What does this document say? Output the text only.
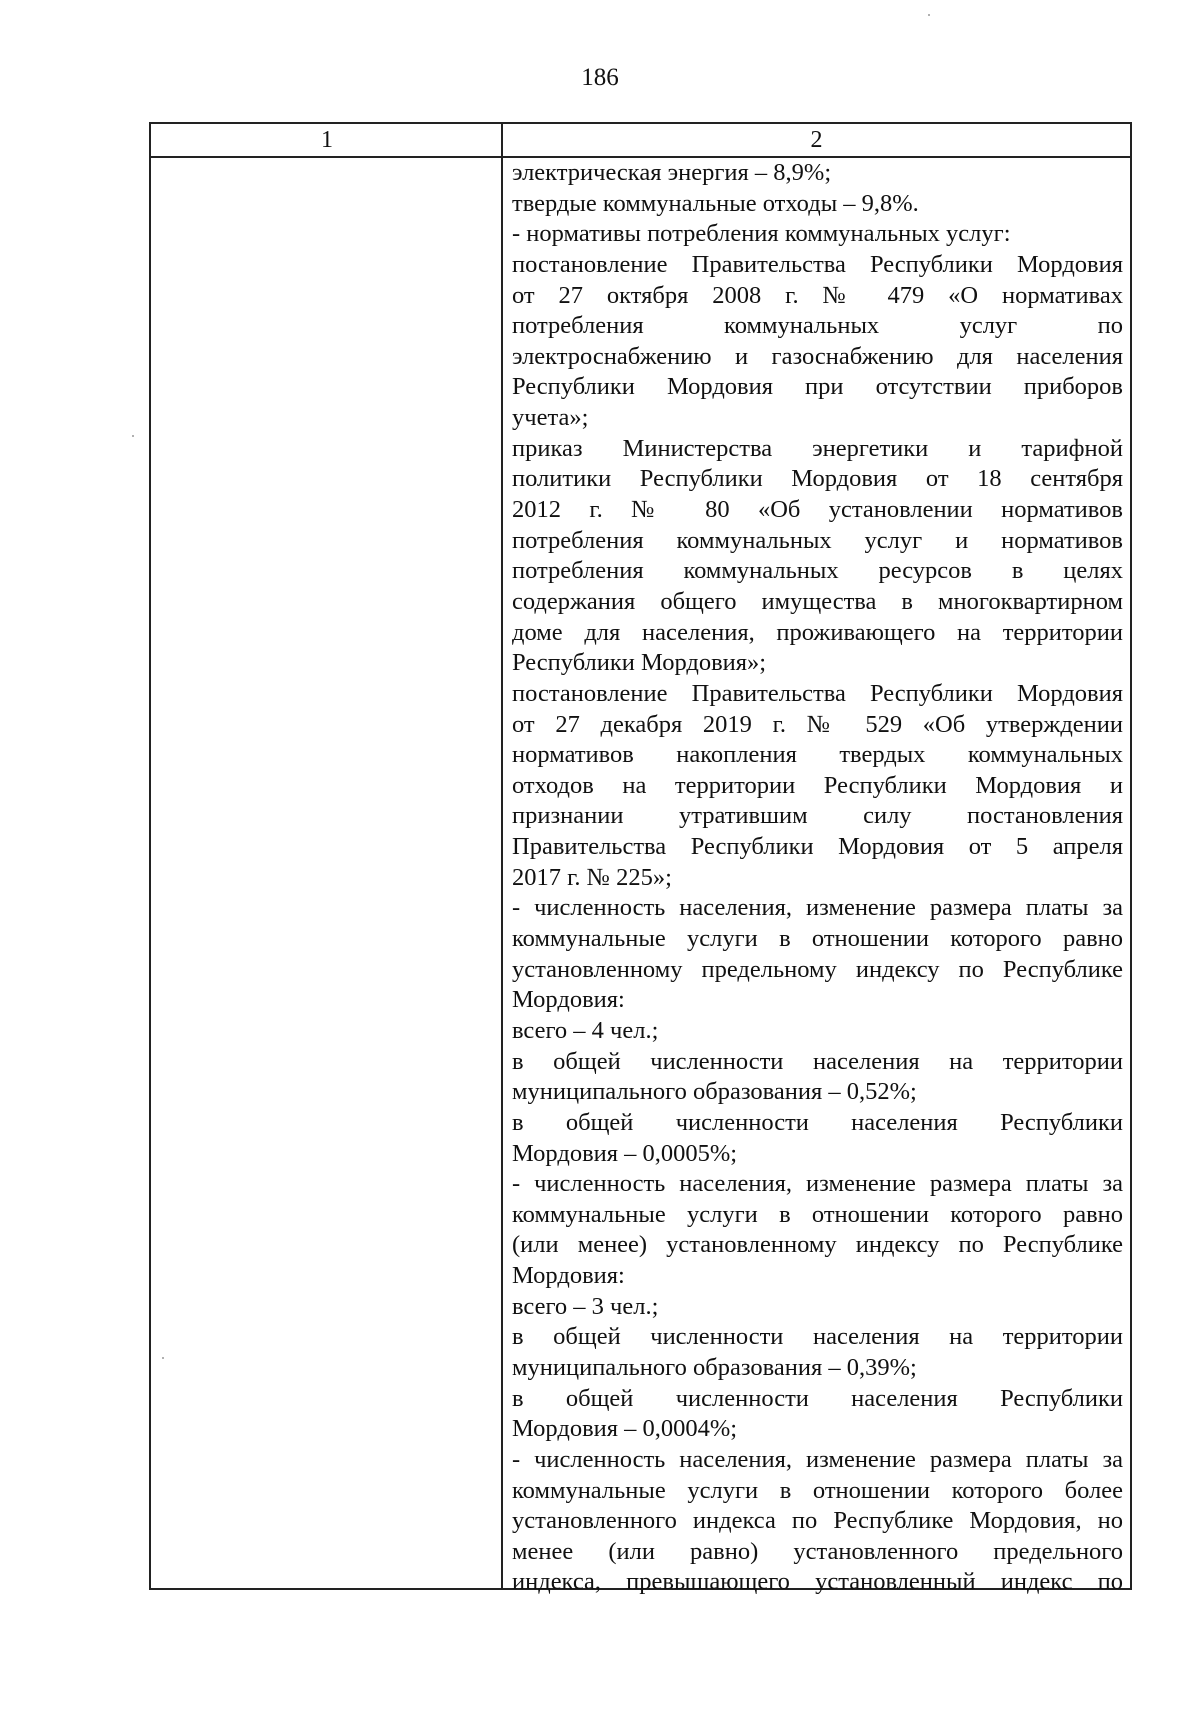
186
1	2
электрическая энергия – 8,9%;
твердые коммунальные отходы – 9,8%.
- нормативы потребления коммунальных услуг:
постановление Правительства Республики Мордовия
от 27 октября 2008 г. № 479 «О нормативах
потребления коммунальных услуг по
электроснабжению и газоснабжению для населения
Республики Мордовия при отсутствии приборов
учета»;
приказ Министерства энергетики и тарифной
политики Республики Мордовия от 18 сентября
2012 г. № 80 «Об установлении нормативов
потребления коммунальных услуг и нормативов
потребления коммунальных ресурсов в целях
содержания общего имущества в многоквартирном
доме для населения, проживающего на территории
Республики Мордовия»;
постановление Правительства Республики Мордовия
от 27 декабря 2019 г. № 529 «Об утверждении
нормативов накопления твердых коммунальных
отходов на территории Республики Мордовия и
признании утратившим силу постановления
Правительства Республики Мордовия от 5 апреля
2017 г. № 225»;
- численность населения, изменение размера платы за
коммунальные услуги в отношении которого равно
установленному предельному индексу по Республике
Мордовия:
всего – 4 чел.;
в общей численности населения на территории
муниципального образования – 0,52%;
в общей численности населения Республики
Мордовия – 0,0005%;
- численность населения, изменение размера платы за
коммунальные услуги в отношении которого равно
(или менее) установленному индексу по Республике
Мордовия:
всего – 3 чел.;
в общей численности населения на территории
муниципального образования – 0,39%;
в общей численности населения Республики
Мордовия – 0,0004%;
- численность населения, изменение размера платы за
коммунальные услуги в отношении которого более
установленного индекса по Республике Мордовия, но
менее (или равно) установленного предельного
индекса, превышающего установленный индекс по
